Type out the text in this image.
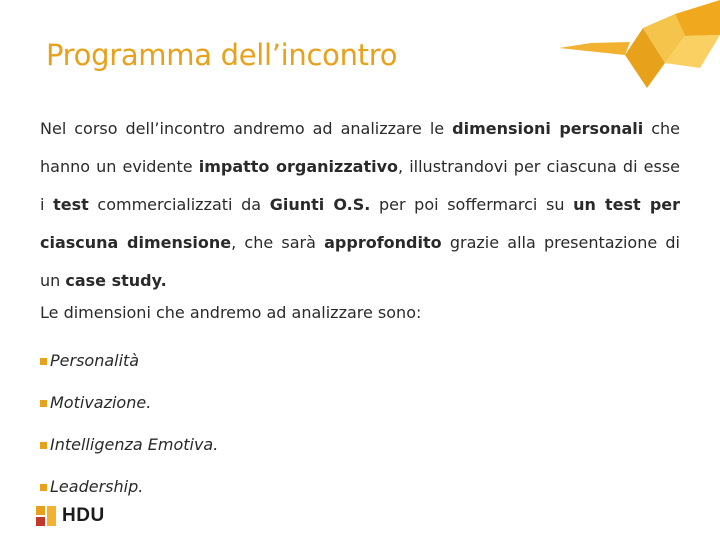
Programma dell’incontro
Nel corso dell’incontro andremo ad analizzare le dimensioni personali che hanno un evidente impatto organizzativo, illustrandovi per ciascuna di esse i test commercializzati da Giunti O.S. per poi soffermarci su un test per ciascuna dimensione, che sarà approfondito grazie alla presentazione di un case study.
Le dimensioni che andremo ad analizzare sono:
Personalità
Motivazione.
Intelligenza Emotiva.
Leadership.
HDU
